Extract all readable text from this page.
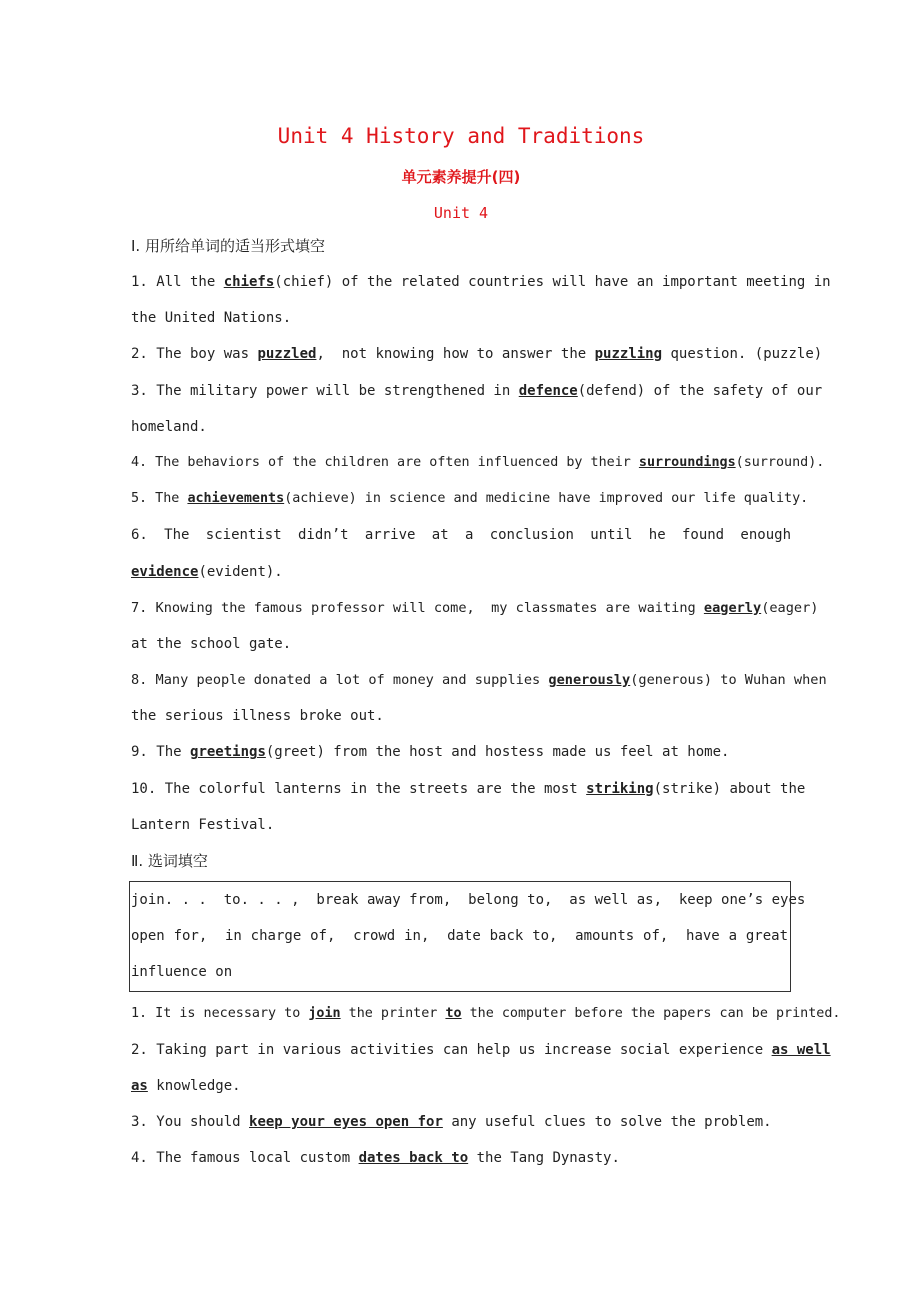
Unit 4 History and Traditions
单元素养提升(四)
Unit 4
Ⅰ. 用所给单词的适当形式填空
1. All the chiefs(chief) of the related countries will have an important meeting in
the United Nations.
2. The boy was puzzled,  not knowing how to answer the puzzling question. (puzzle)
3. The military power will be strengthened in defence(defend) of the safety of our
homeland.
4. The behaviors of the children are often influenced by their surroundings(surround).
5. The achievements(achieve) in science and medicine have improved our life quality.
6. The scientist didn’t arrive at a conclusion until he found enough
evidence(evident).
7. Knowing the famous professor will come,  my classmates are waiting eagerly(eager)
at the school gate.
8. Many people donated a lot of money and supplies generously(generous) to Wuhan when
the serious illness broke out.
9. The greetings(greet) from the host and hostess made us feel at home.
10. The colorful lanterns in the streets are the most striking(strike) about the
Lantern Festival.
Ⅱ. 选词填空
join. . .  to. . . ,  break away from,  belong to,  as well as,  keep one’s eyes
open for,  in charge of,  crowd in,  date back to,  amounts of,  have a great
influence on
1. It is necessary to join the printer to the computer before the papers can be printed.
2. Taking part in various activities can help us increase social experience as well
as knowledge.
3. You should keep your eyes open for any useful clues to solve the problem.
4. The famous local custom dates back to the Tang Dynasty.
